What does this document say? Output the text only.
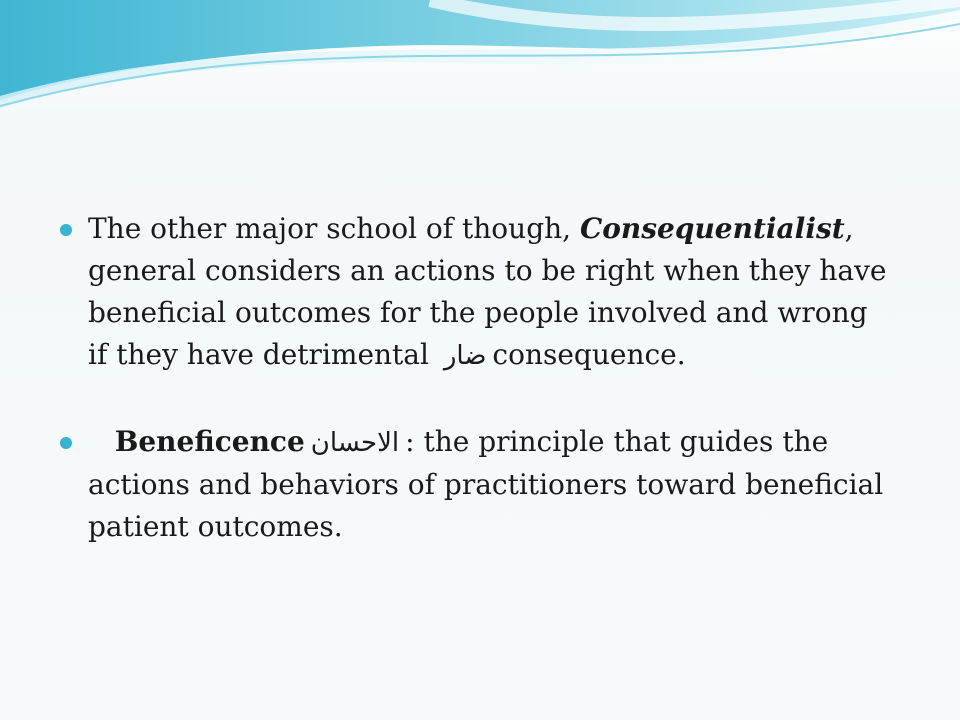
The other major school of though, Consequentialist, general considers an actions to be right when they have beneficial outcomes for the people involved and wrong if they have detrimental ضار consequence.
Beneficence الاحسان : the principle that guides the actions and behaviors of practitioners toward beneficial patient outcomes.
